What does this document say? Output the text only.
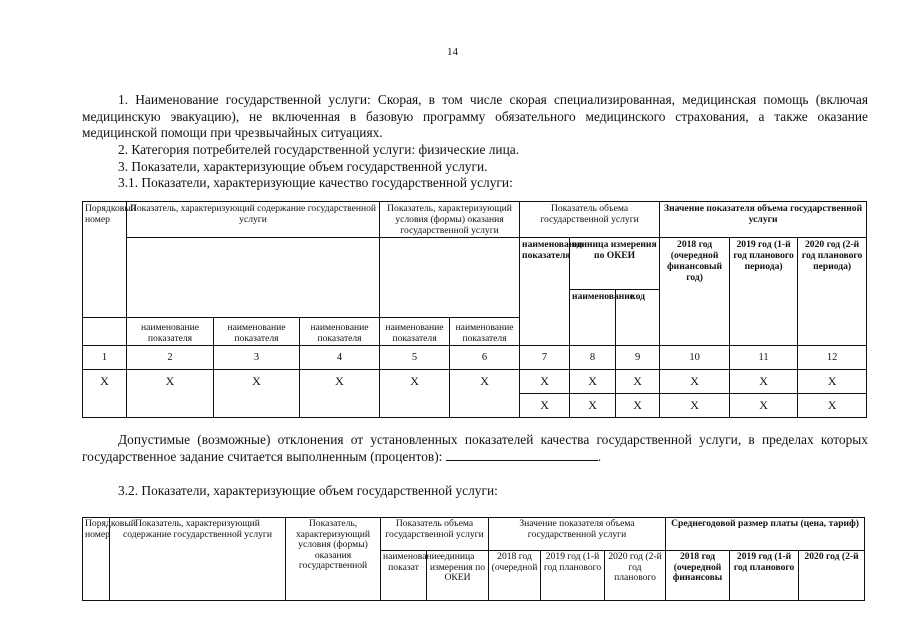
14

1. Наименование государственной услуги: Скорая, в том числе скорая специализированная, медицинская помощь (включая медицинскую эвакуацию), не включенная в базовую программу обязательного медицинского страхования, а также оказание медицинской помощи при чрезвычайных ситуациях.

2. Категория потребителей государственной услуги: физические лица.

3. Показатели, характеризующие объем государственной услуги.

3.1. Показатели, характеризующие качество государственной услуги:

Порядковый номер	Показатель, характеризующий содержание государственной услуги			Показатель, характеризующий условия (формы) оказания государственной услуги		Показатель объема государственной услуги			Значение показателя объема государственной услуги		
						наименование показателя	единица измерения по ОКЕИ		2018 год (очередной финансовый год)	2019 год (1-й год планового периода)	2020 год (2-й год планового периода)
							наименование	код			
	наименование показателя	наименование показателя	наименование показателя	наименование показателя	наименование показателя						
1	2	3	4	5	6	7	8	9	10	11	12
X	X	X	X	X	X	X	X	X	X	X	X
						X	X	X	X	X	X

Допустимые (возможные) отклонения от установленных показателей качества государственной услуги, в пределах которых государственное задание считается выполненным (процентов):	.

3.2. Показатели, характеризующие объем государственной услуги:

Порядковый номер	Показатель, характеризующий содержание государственной услуги	Показатель, характеризующий условия (формы) оказания государственной	Показатель объема государственной услуги		Значение показателя объема государственной услуги			Среднегодовой размер платы (цена, тариф)		
			наименование показат	единица измерения по ОКЕИ	2018 год (очередной	2019 год (1-й год планового	2020 год (2-й год планового	2018 год (очередной финансовы	2019 год (1-й год планового	2020 год (2-й
